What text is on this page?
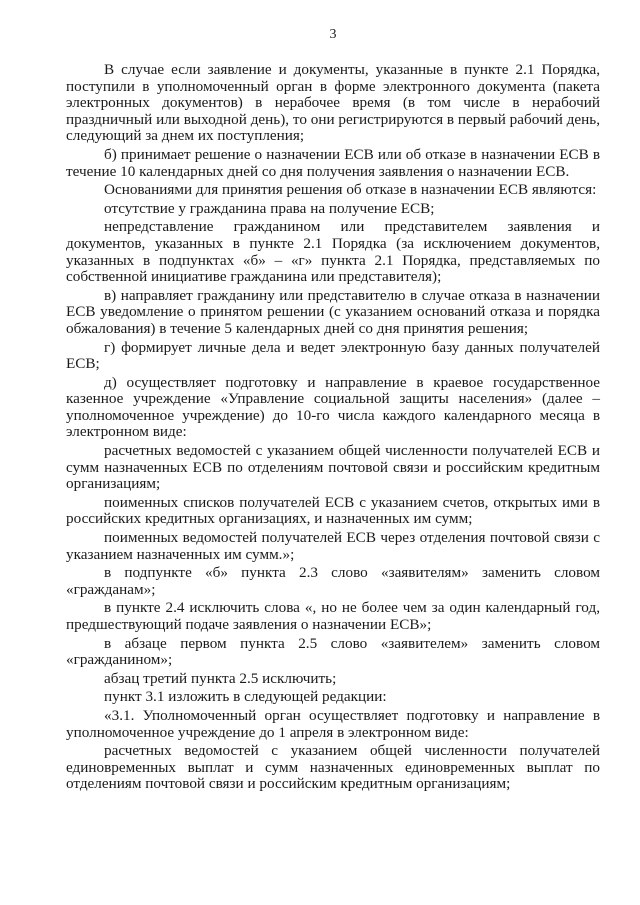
3

В случае если заявление и документы, указанные в пункте 2.1 Порядка, поступили в уполномоченный орган в форме электронного документа (пакета электронных документов) в нерабочее время (в том числе в нерабочий праздничный или выходной день), то они регистрируются в первый рабочий день, следующий за днем их поступления;

б) принимает решение о назначении ЕСВ или об отказе в назначении ЕСВ в течение 10 календарных дней со дня получения заявления о назначении ЕСВ.

Основаниями для принятия решения об отказе в назначении ЕСВ являются:

отсутствие у гражданина права на получение ЕСВ;

непредставление гражданином или представителем заявления и документов, указанных в пункте 2.1 Порядка (за исключением документов, указанных в подпунктах «б» – «г» пункта 2.1 Порядка, представляемых по собственной инициативе гражданина или представителя);

в) направляет гражданину или представителю в случае отказа в назначении ЕСВ уведомление о принятом решении (с указанием оснований отказа и порядка обжалования) в течение 5 календарных дней со дня принятия решения;

г) формирует личные дела и ведет электронную базу данных получателей ЕСВ;

д) осуществляет подготовку и направление в краевое государственное казенное учреждение «Управление социальной защиты населения» (далее – уполномоченное учреждение) до 10-го числа каждого календарного месяца в электронном виде:

расчетных ведомостей с указанием общей численности получателей ЕСВ и сумм назначенных ЕСВ по отделениям почтовой связи и российским кредитным организациям;

поименных списков получателей ЕСВ с указанием счетов, открытых ими в российских кредитных организациях, и назначенных им сумм;

поименных ведомостей получателей ЕСВ через отделения почтовой связи с указанием назначенных им сумм.»;

в подпункте «б» пункта 2.3 слово «заявителям» заменить словом «гражданам»;

в пункте 2.4 исключить слова «, но не более чем за один календарный год, предшествующий подаче заявления о назначении ЕСВ»;

в абзаце первом пункта 2.5 слово «заявителем» заменить словом «гражданином»;

абзац третий пункта 2.5 исключить;

пункт 3.1 изложить в следующей редакции:

«3.1. Уполномоченный орган осуществляет подготовку и направление в уполномоченное учреждение до 1 апреля в электронном виде:

расчетных ведомостей с указанием общей численности получателей единовременных выплат и сумм назначенных единовременных выплат по отделениям почтовой связи и российским кредитным организациям;
